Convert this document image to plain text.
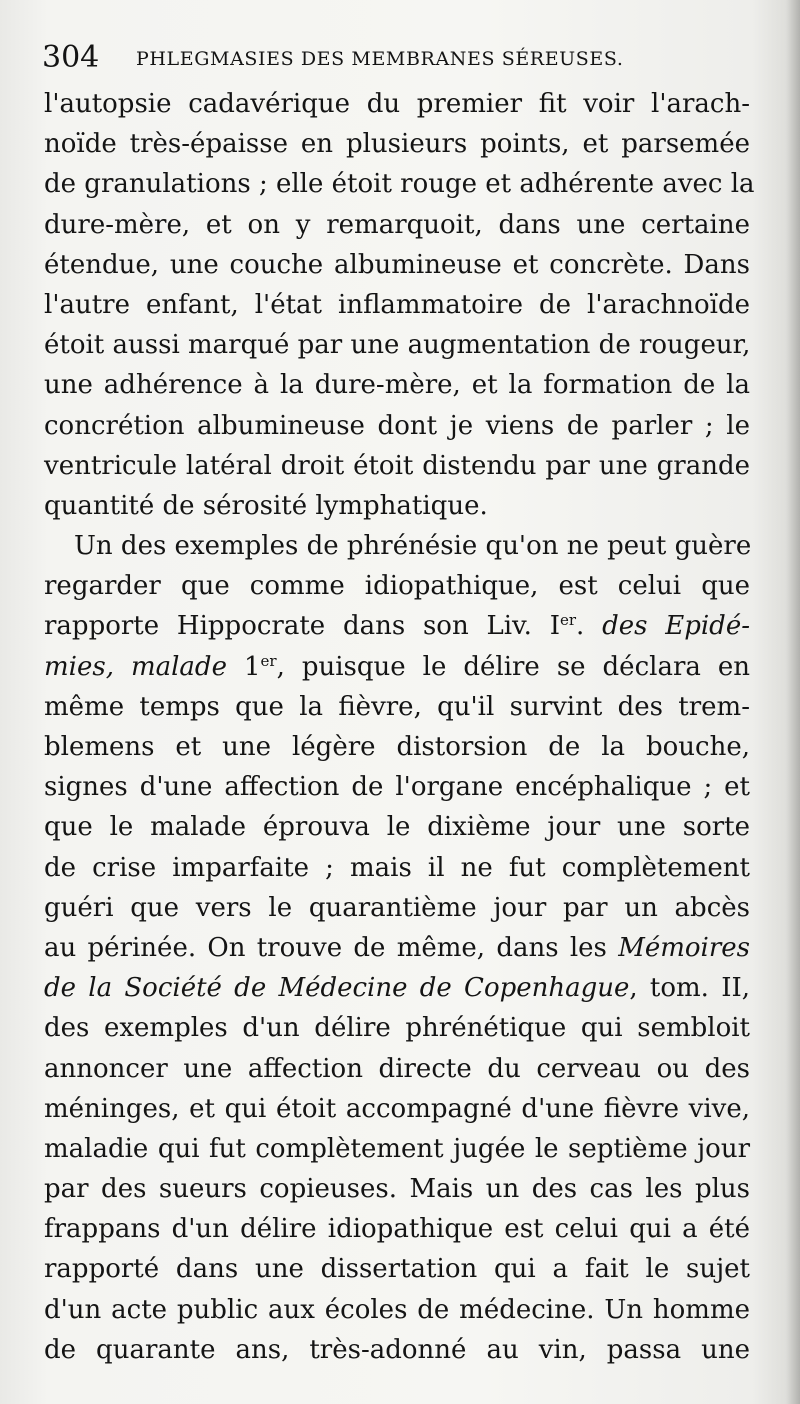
304 PHLEGMASIES DES MEMBRANES SÉREUSES.
l'autopsie cadavérique du premier fit voir l'arach-
noïde très-épaisse en plusieurs points, et parsemée
de granulations ; elle étoit rouge et adhérente avec la
dure-mère, et on y remarquoit, dans une certaine
étendue, une couche albumineuse et concrète. Dans
l'autre enfant, l'état inflammatoire de l'arachnoïde
étoit aussi marqué par une augmentation de rougeur,
une adhérence à la dure-mère, et la formation de la
concrétion albumineuse dont je viens de parler ; le
ventricule latéral droit étoit distendu par une grande
quantité de sérosité lymphatique.
Un des exemples de phrénésie qu'on ne peut guère
regarder que comme idiopathique, est celui que
rapporte Hippocrate dans son Liv. Ier. des Epidé-
mies, malade 1er, puisque le délire se déclara en
même temps que la fièvre, qu'il survint des trem-
blemens et une légère distorsion de la bouche,
signes d'une affection de l'organe encéphalique ; et
que le malade éprouva le dixième jour une sorte
de crise imparfaite ; mais il ne fut complètement
guéri que vers le quarantième jour par un abcès
au périnée. On trouve de même, dans les Mémoires
de la Société de Médecine de Copenhague, tom. II,
des exemples d'un délire phrénétique qui sembloit
annoncer une affection directe du cerveau ou des
méninges, et qui étoit accompagné d'une fièvre vive,
maladie qui fut complètement jugée le septième jour
par des sueurs copieuses. Mais un des cas les plus
frappans d'un délire idiopathique est celui qui a été
rapporté dans une dissertation qui a fait le sujet
d'un acte public aux écoles de médecine. Un homme
de quarante ans, très-adonné au vin, passa une
